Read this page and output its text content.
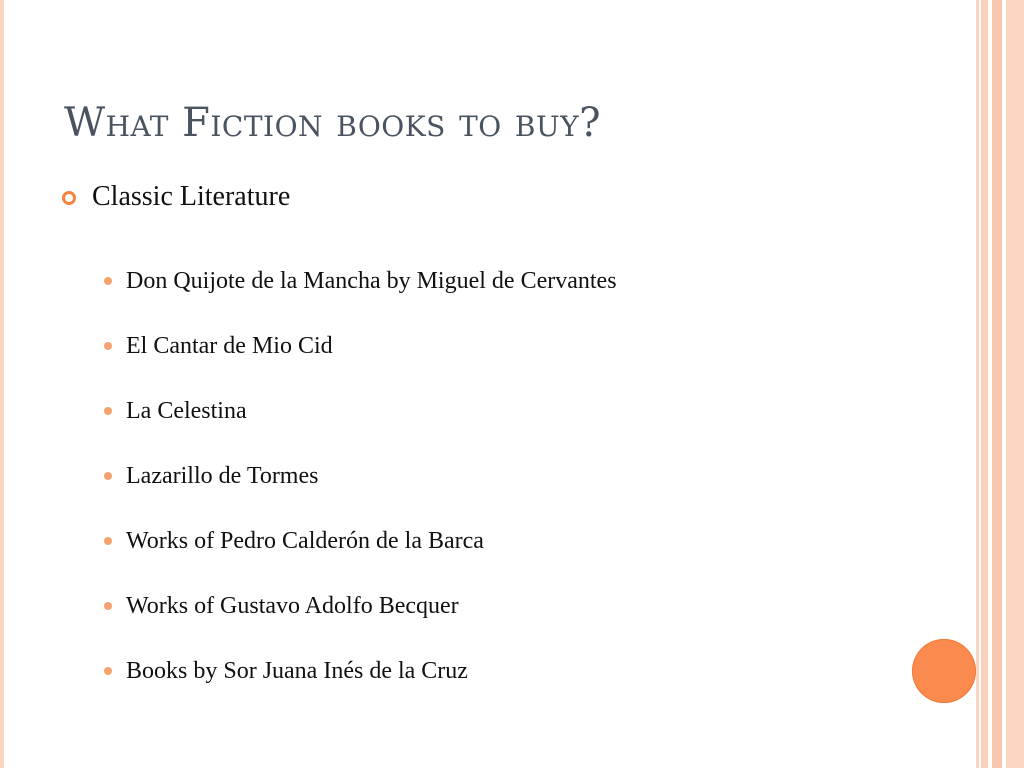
What Fiction books to buy?
Classic Literature
Don Quijote de la Mancha by Miguel de Cervantes
El Cantar de Mio Cid
La Celestina
Lazarillo de Tormes
Works of Pedro Calderón de la Barca
Works of Gustavo Adolfo Becquer
Books by Sor Juana Inés de la Cruz
